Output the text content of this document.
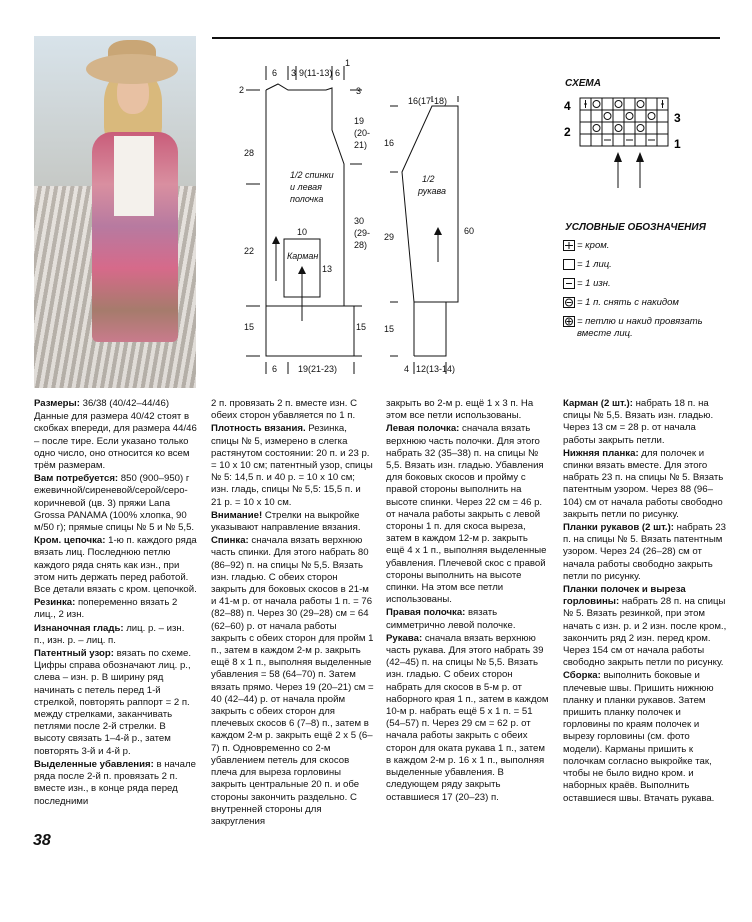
6 3 9(11-13) 6
1
2
28
22
15
3
19
(20-
21)
30
(29-
28)
15
1/2 спинки
и левая
полочка
10
Карман
13
6 19(21-23)
16(17-18)
16
29
15
60
1/2
рукава
4 12(13-14)

СХЕМА

4
2
3
1

УСЛОВНЫЕ ОБОЗНАЧЕНИЯ

= кром.
= 1 лиц.
= 1 изн.
= 1 п. снять с накидом
= петлю и накид провязать вместе лиц.

Размеры: 36/38 (40/42–44/46)

Данные для размера 40/42 стоят в скобках впереди, для размера 44/46 – после тире. Если указано только одно число, оно относится ко всем трём размерам.

Вам потребуется: 850 (900–950) г ежевичной/сиреневой/серой/серо-коричневой (цв. 3) пряжи Lana Grossa PANAMA (100% хлопка, 90 м/50 г); прямые спицы № 5 и № 5,5.

Кром. цепочка: 1-ю п. каждого ряда вязать лиц. Последнюю петлю каждого ряда снять как изн., при этом нить держать перед работой. Все детали вязать с кром. цепочкой.

Резинка: попеременно вязать 2 лиц., 2 изн.

Изнаночная гладь: лиц. р. – изн. п., изн. р. – лиц. п.

Патентный узор: вязать по схеме. Цифры справа обозначают лиц. р., слева – изн. р. В ширину ряд начинать с петель перед 1-й стрелкой, повторять раппорт = 2 п. между стрелками, заканчивать петлями после 2-й стрелки. В высоту связать 1–4-й р., затем повторять 3-й и 4-й р.

Выделенные убавления: в начале ряда после 2-й п. провязать 2 п. вместе изн., в конце ряда перед последними

2 п. провязать 2 п. вместе изн. С обеих сторон убавляется по 1 п.

Плотность вязания. Резинка, спицы № 5, измерено в слегка растянутом состоянии: 20 п. и 23 р. = 10 х 10 см; патентный узор, спицы № 5: 14,5 п. и 40 р. = 10 х 10 см; изн. гладь, спицы № 5,5: 15,5 п. и 21 р. = 10 х 10 см.

Внимание! Стрелки на выкройке указывают направление вязания.

Спинка: сначала вязать верхнюю часть спинки. Для этого набрать 80 (86–92) п. на спицы № 5,5. Вязать изн. гладью. С обеих сторон закрыть для боковых скосов в 21-м и 41-м р. от начала работы 1 п. = 76 (82–88) п. Через 30 (29–28) см = 64 (62–60) р. от начала работы закрыть с обеих сторон для пройм 1 п., затем в каждом 2-м р. закрыть ещё 8 х 1 п., выполняя выделенные убавления = 58 (64–70) п. Затем вязать прямо. Через 19 (20–21) см = 40 (42–44) р. от начала пройм закрыть с обеих сторон для плечевых скосов 6 (7–8) п., затем в каждом 2-м р. закрыть ещё 2 х 5 (6–7) п. Одновременно со 2-м убавлением петель для скосов плеча для выреза горловины закрыть центральные 20 п. и обе стороны закончить раздельно. С внутренней стороны для закругления

закрыть во 2-м р. ещё 1 х 3 п. На этом все петли использованы.

Левая полочка: сначала вязать верхнюю часть полочки. Для этого набрать 32 (35–38) п. на спицы № 5,5. Вязать изн. гладью. Убавления для боковых скосов и пройму с правой стороны выполнить на высоте спинки. Через 22 см = 46 р. от начала работы закрыть с левой стороны 1 п. для скоса выреза, затем в каждом 12-м р. закрыть ещё 4 х 1 п., выполняя выделенные убавления. Плечевой скос с правой стороны выполнить на высоте спинки. На этом все петли использованы.

Правая полочка: вязать симметрично левой полочке.

Рукава: сначала вязать верхнюю часть рукава. Для этого набрать 39 (42–45) п. на спицы № 5,5. Вязать изн. гладью. С обеих сторон набрать для скосов в 5-м р. от наборного края 1 п., затем в каждом 10-м р. набрать ещё 5 х 1 п. = 51 (54–57) п. Через 29 см = 62 р. от начала работы закрыть с обеих сторон для оката рукава 1 п., затем в каждом 2-м р. 16 х 1 п., выполняя выделенные убавления. В следующем ряду закрыть оставшиеся 17 (20–23) п.

Карман (2 шт.): набрать 18 п. на спицы № 5,5. Вязать изн. гладью. Через 13 см = 28 р. от начала работы закрыть петли.

Нижняя планка: для полочек и спинки вязать вместе. Для этого набрать 23 п. на спицы № 5. Вязать патентным узором. Через 88 (96–104) см от начала работы свободно закрыть петли по рисунку.

Планки рукавов (2 шт.): набрать 23 п. на спицы № 5. Вязать патентным узором. Через 24 (26–28) см от начала работы свободно закрыть петли по рисунку.

Планки полочек и выреза горловины: набрать 28 п. на спицы № 5. Вязать резинкой, при этом начать с изн. р. и 2 изн. после кром., закончить ряд 2 изн. перед кром. Через 154 см от начала работы свободно закрыть петли по рисунку.

Сборка: выполнить боковые и плечевые швы. Пришить нижнюю планку и планки рукавов. Затем пришить планку полочек и горловины по краям полочек и вырезу горловины (см. фото модели). Карманы пришить к полочкам согласно выкройке так, чтобы не было видно кром. и наборных краёв. Выполнить оставшиеся швы. Втачать рукава.

38
